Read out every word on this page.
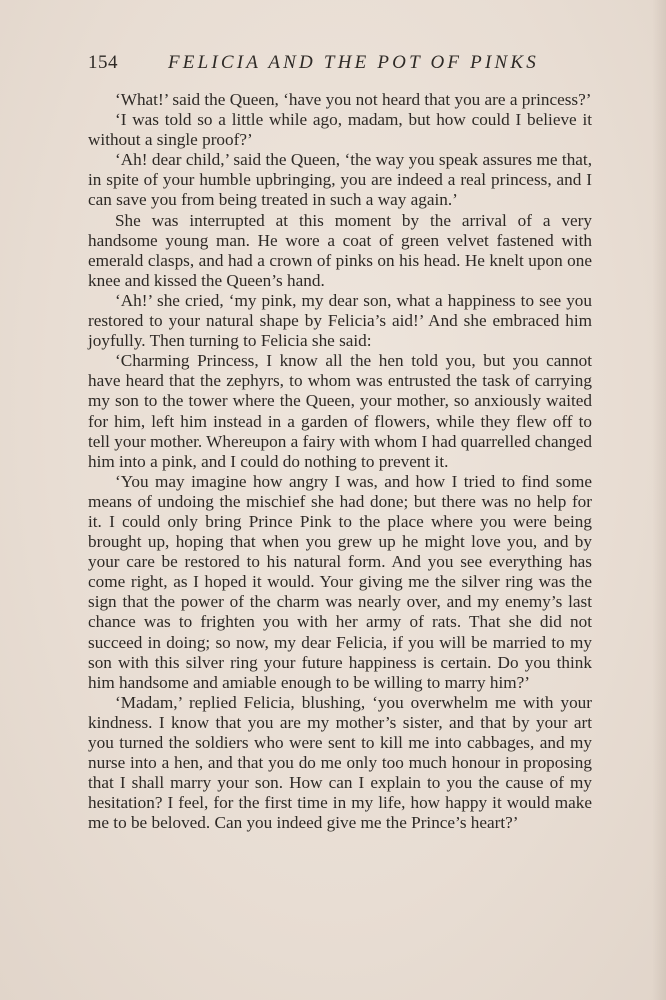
154	FELICIA AND THE POT OF PINKS

‘What!’ said the Queen, ‘have you not heard that you are a princess?’

‘I was told so a little while ago, madam, but how could I believe it without a single proof?’

‘Ah! dear child,’ said the Queen, ‘the way you speak assures me that, in spite of your humble upbringing, you are indeed a real princess, and I can save you from being treated in such a way again.’

She was interrupted at this moment by the arrival of a very handsome young man. He wore a coat of green velvet fastened with emerald clasps, and had a crown of pinks on his head. He knelt upon one knee and kissed the Queen’s hand.

‘Ah!’ she cried, ‘my pink, my dear son, what a happiness to see you restored to your natural shape by Felicia’s aid!’ And she embraced him joyfully. Then turning to Felicia she said:

‘Charming Princess, I know all the hen told you, but you cannot have heard that the zephyrs, to whom was entrusted the task of carrying my son to the tower where the Queen, your mother, so anxiously waited for him, left him instead in a garden of flowers, while they flew off to tell your mother. Whereupon a fairy with whom I had quarrelled changed him into a pink, and I could do nothing to prevent it.

‘You may imagine how angry I was, and how I tried to find some means of undoing the mischief she had done; but there was no help for it. I could only bring Prince Pink to the place where you were being brought up, hoping that when you grew up he might love you, and by your care be restored to his natural form. And you see everything has come right, as I hoped it would. Your giving me the silver ring was the sign that the power of the charm was nearly over, and my enemy’s last chance was to frighten you with her army of rats. That she did not succeed in doing; so now, my dear Felicia, if you will be married to my son with this silver ring your future happiness is certain. Do you think him handsome and amiable enough to be willing to marry him?’

‘Madam,’ replied Felicia, blushing, ‘you overwhelm me with your kindness. I know that you are my mother’s sister, and that by your art you turned the soldiers who were sent to kill me into cabbages, and my nurse into a hen, and that you do me only too much honour in proposing that I shall marry your son. How can I explain to you the cause of my hesitation? I feel, for the first time in my life, how happy it would make me to be beloved. Can you indeed give me the Prince’s heart?’
